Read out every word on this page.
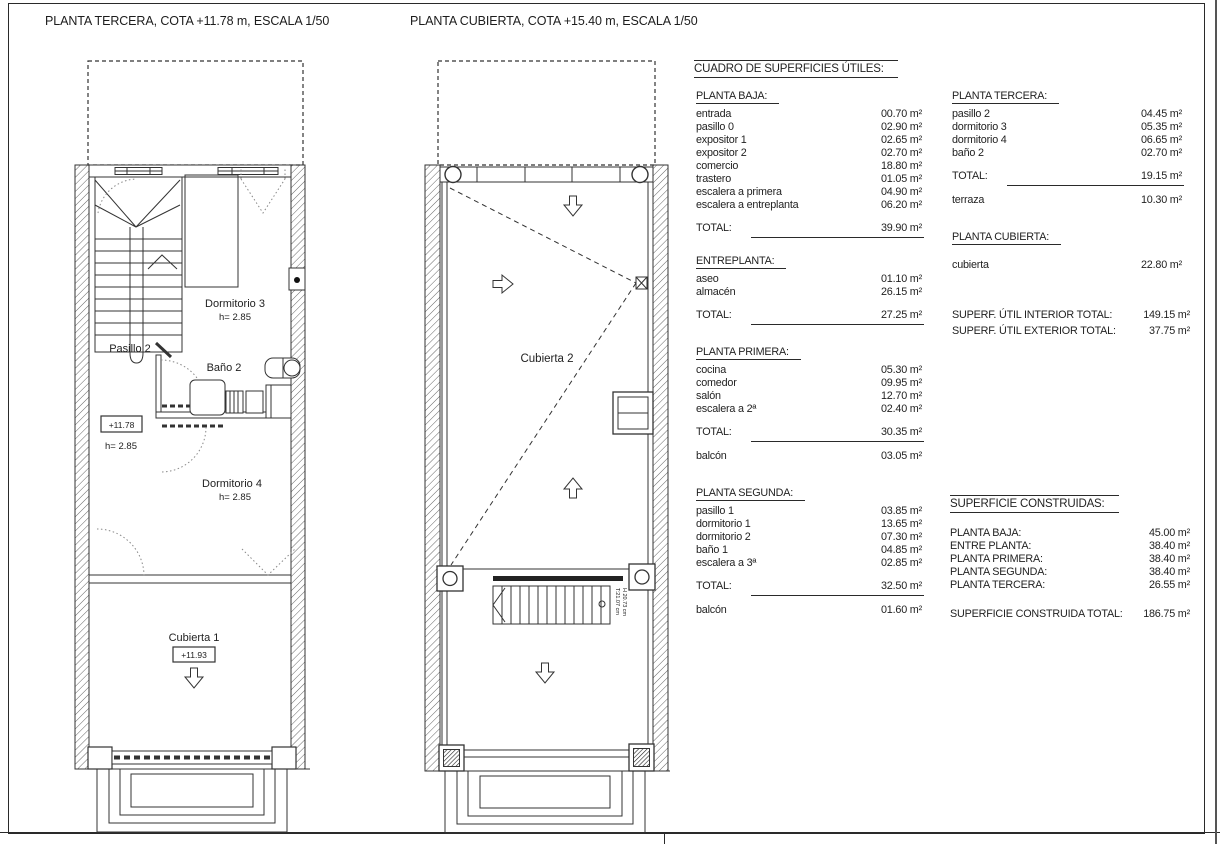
PLANTA TERCERA, COTA +11.78 m, ESCALA 1/50	PLANTA CUBIERTA, COTA +15.40 m, ESCALA 1/50
Dormitorio 3
h= 2.85
Pasillo 2
Baño 2
+11.78
h= 2.85
Dormitorio 4
h= 2.85
Cubierta 1
+11.93
Cubierta 2
T:21.07 cm H 20.73 cm
CUADRO DE SUPERFICIES ÚTILES:
PLANTA BAJA:
entrada	00.70 m²
pasillo 0	02.90 m²
expositor 1	02.65 m²
expositor 2	02.70 m²
comercio	18.80 m²
trastero	01.05 m²
escalera a primera	04.90 m²
escalera a entreplanta	06.20 m²
TOTAL:	39.90 m²
ENTREPLANTA:
aseo	01.10 m²
almacén	26.15 m²
TOTAL:	27.25 m²
PLANTA PRIMERA:
cocina	05.30 m²
comedor	09.95 m²
salón	12.70 m²
escalera a 2ª	02.40 m²
TOTAL:	30.35 m²
balcón	03.05 m²
PLANTA SEGUNDA:
pasillo 1	03.85 m²
dormitorio 1	13.65 m²
dormitorio 2	07.30 m²
baño 1	04.85 m²
escalera a 3ª	02.85 m²
TOTAL:	32.50 m²
balcón	01.60 m²
PLANTA TERCERA:
pasillo 2	04.45 m²
dormitorio 3	05.35 m²
dormitorio 4	06.65 m²
baño 2	02.70 m²
TOTAL:	19.15 m²
terraza	10.30 m²
PLANTA CUBIERTA:
cubierta	22.80 m²
SUPERF. ÚTIL INTERIOR TOTAL:	149.15 m²
SUPERF. ÚTIL EXTERIOR TOTAL:	37.75 m²
SUPERFICIE CONSTRUIDAS:
PLANTA BAJA:	45.00 m²
ENTRE PLANTA:	38.40 m²
PLANTA PRIMERA:	38.40 m²
PLANTA SEGUNDA:	38.40 m²
PLANTA TERCERA:	26.55 m²
SUPERFICIE CONSTRUIDA TOTAL: 186.75 m²
